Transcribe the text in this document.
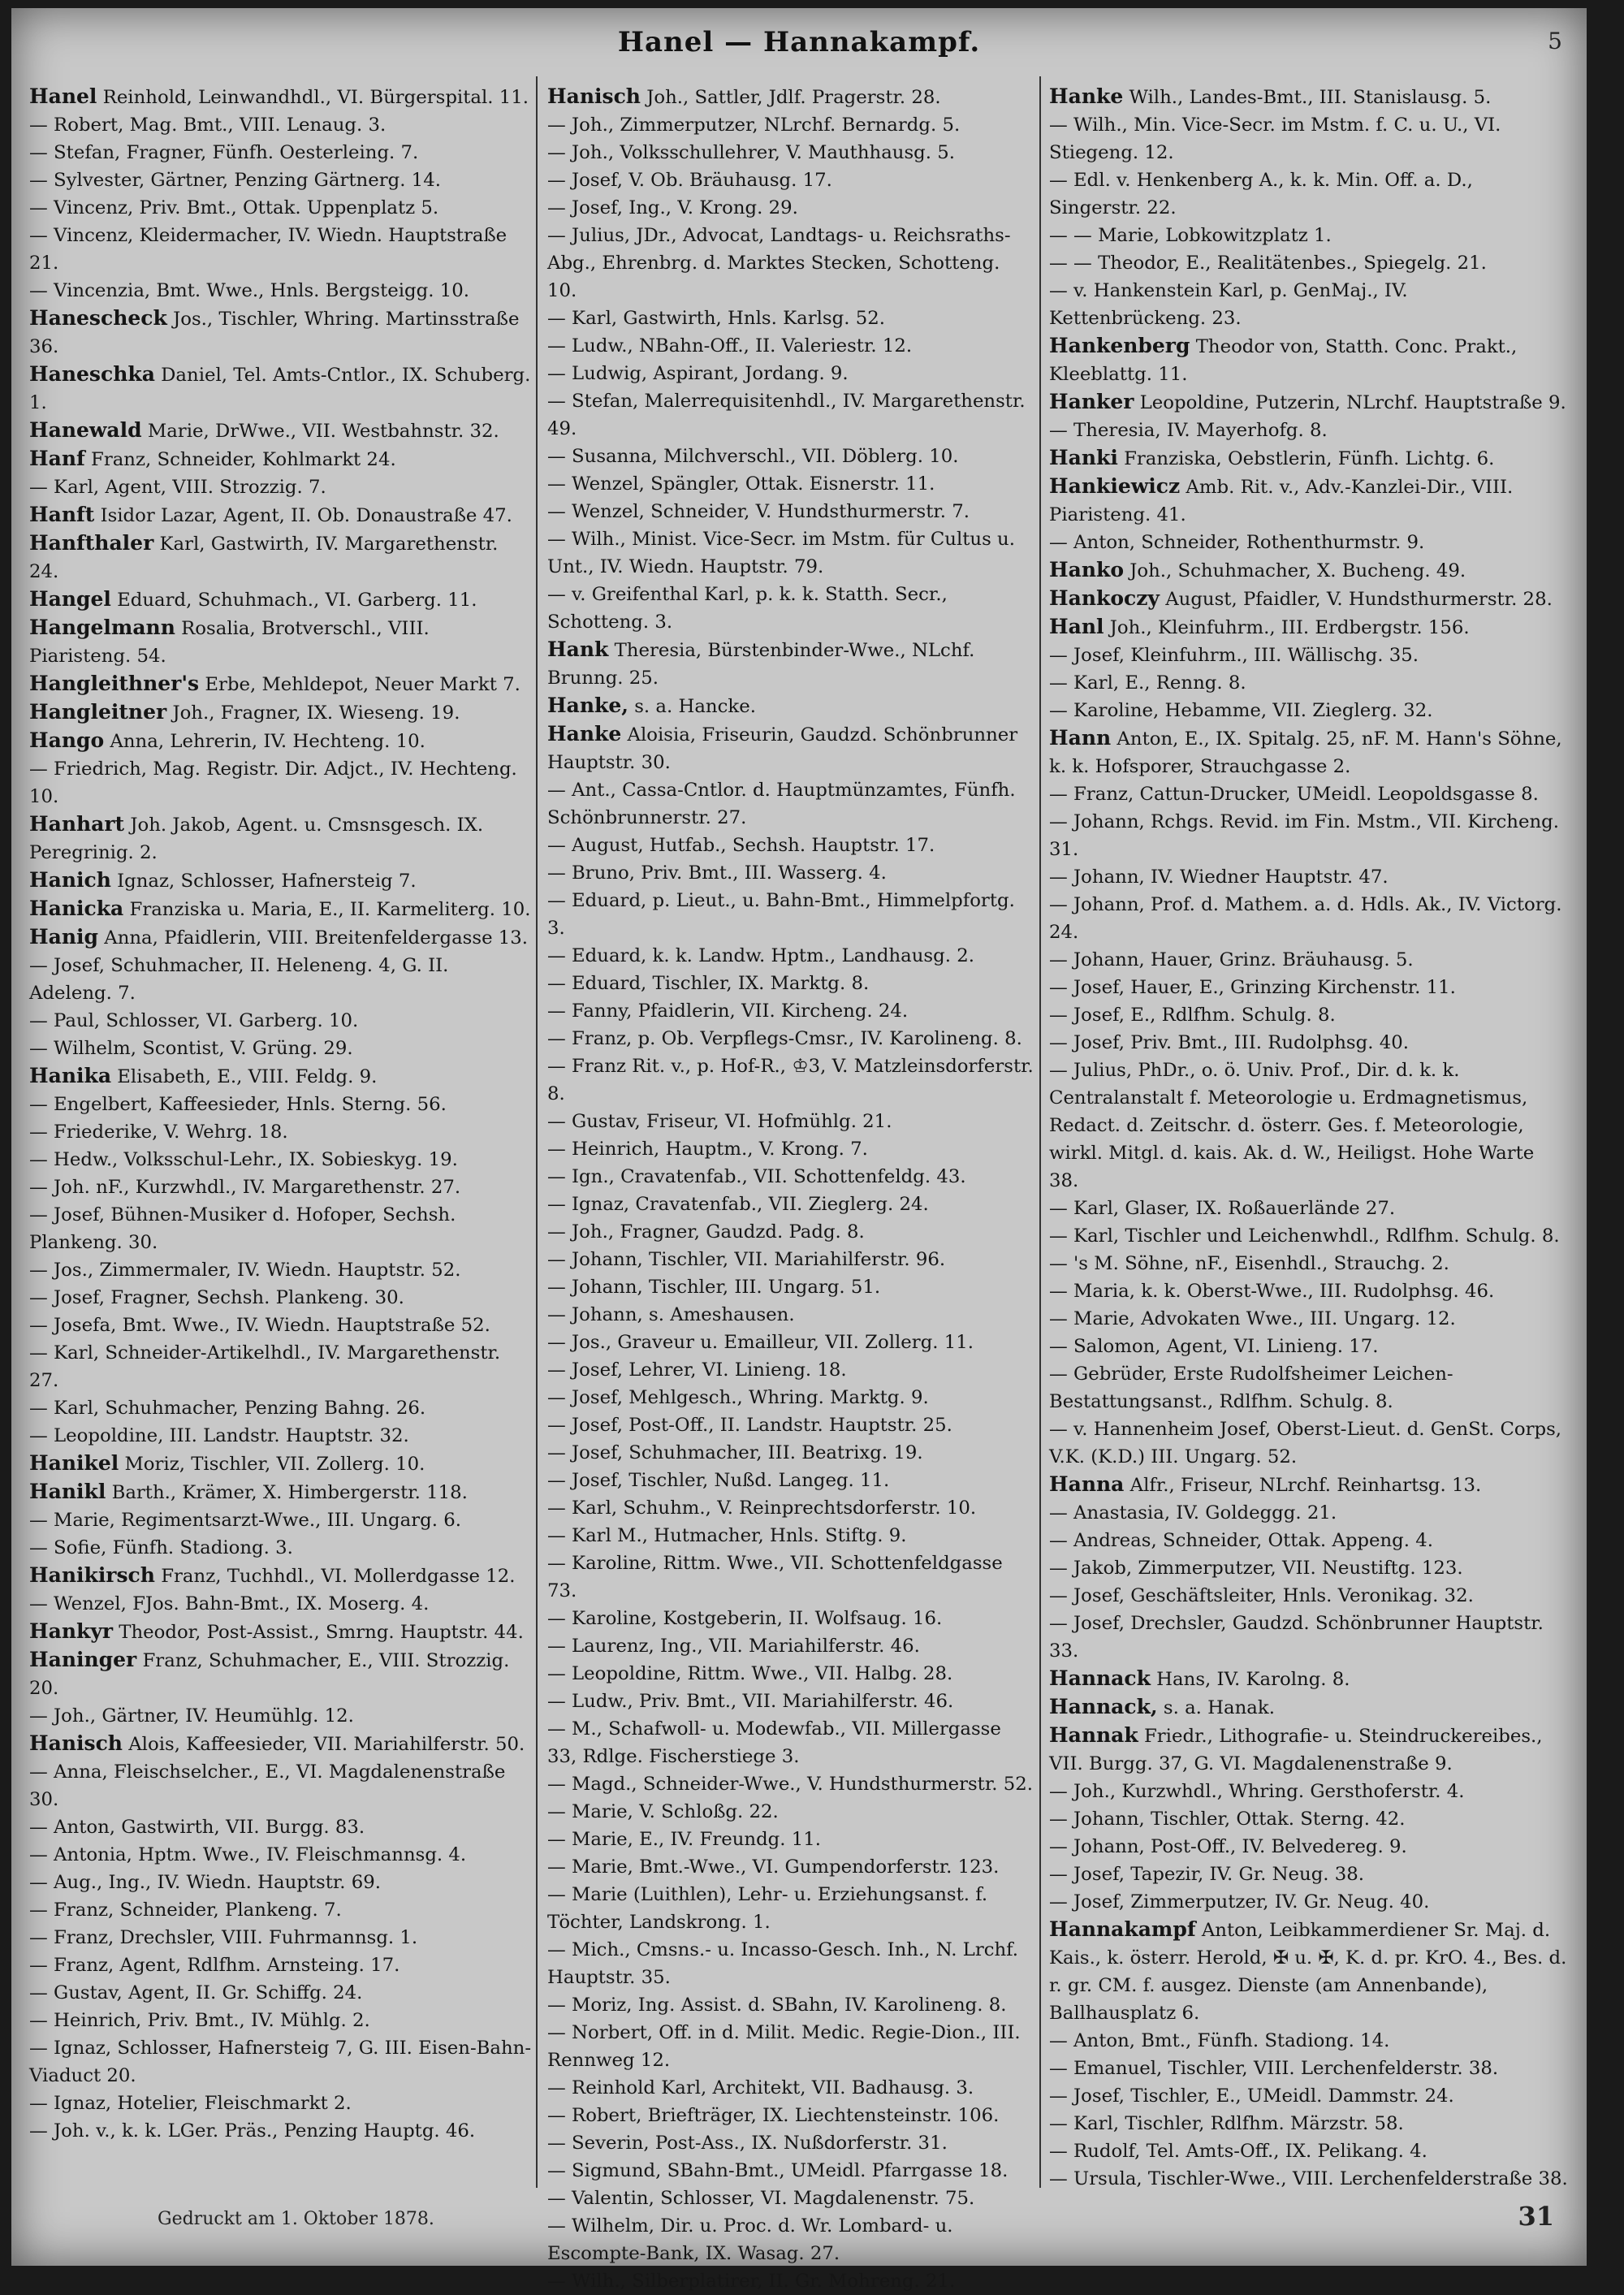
Hanel — Hannakampf.	5

Hanel Reinhold, Leinwandhdl., VI. Bürgerspital. 11.

— Robert, Mag. Bmt., VIII. Lenaug. 3.

— Stefan, Fragner, Fünfh. Oesterleing. 7.

— Sylvester, Gärtner, Penzing Gärtnerg. 14.

— Vincenz, Priv. Bmt., Ottak. Uppenplatz 5.

— Vincenz, Kleidermacher, IV. Wiedn. Hauptstraße 21.

— Vincenzia, Bmt. Wwe., Hnls. Bergsteigg. 10.

Hanescheck Jos., Tischler, Whring. Martinsstraße 36.

Haneschka Daniel, Tel. Amts-Cntlor., IX. Schuberg. 1.

Hanewald Marie, DrWwe., VII. Westbahnstr. 32.

Hanf Franz, Schneider, Kohlmarkt 24.

— Karl, Agent, VIII. Strozzig. 7.

Hanft Isidor Lazar, Agent, II. Ob. Donaustraße 47.

Hanfthaler Karl, Gastwirth, IV. Margarethenstr. 24.

Hangel Eduard, Schuhmach., VI. Garberg. 11.

Hangelmann Rosalia, Brotverschl., VIII. Piaristeng. 54.

Hangleithner's Erbe, Mehldepot, Neuer Markt 7.

Hangleitner Joh., Fragner, IX. Wieseng. 19.

Hango Anna, Lehrerin, IV. Hechteng. 10.

— Friedrich, Mag. Registr. Dir. Adjct., IV. Hechteng. 10.

Hanhart Joh. Jakob, Agent. u. Cmsnsgesch. IX. Peregrinig. 2.

Hanich Ignaz, Schlosser, Hafnersteig 7.

Hanicka Franziska u. Maria, E., II. Karmeliterg. 10.

Hanig Anna, Pfaidlerin, VIII. Breitenfeldergasse 13.

— Josef, Schuhmacher, II. Heleneng. 4, G. II. Adeleng. 7.

— Paul, Schlosser, VI. Garberg. 10.

— Wilhelm, Scontist, V. Grüng. 29.

Hanika Elisabeth, E., VIII. Feldg. 9.

— Engelbert, Kaffeesieder, Hnls. Sterng. 56.

— Friederike, V. Wehrg. 18.

— Hedw., Volksschul-Lehr., IX. Sobieskyg. 19.

— Joh. nF., Kurzwhdl., IV. Margarethenstr. 27.

— Josef, Bühnen-Musiker d. Hofoper, Sechsh. Plankeng. 30.

— Jos., Zimmermaler, IV. Wiedn. Hauptstr. 52.

— Josef, Fragner, Sechsh. Plankeng. 30.

— Josefa, Bmt. Wwe., IV. Wiedn. Hauptstraße 52.

— Karl, Schneider-Artikelhdl., IV. Margarethenstr. 27.

— Karl, Schuhmacher, Penzing Bahng. 26.

— Leopoldine, III. Landstr. Hauptstr. 32.

Hanikel Moriz, Tischler, VII. Zollerg. 10.

Hanikl Barth., Krämer, X. Himbergerstr. 118.

— Marie, Regimentsarzt-Wwe., III. Ungarg. 6.

— Sofie, Fünfh. Stadiong. 3.

Hanikirsch Franz, Tuchhdl., VI. Mollerdgasse 12.

— Wenzel, FJos. Bahn-Bmt., IX. Moserg. 4.

Hankyr Theodor, Post-Assist., Smrng. Hauptstr. 44.

Haninger Franz, Schuhmacher, E., VIII. Strozzig. 20.

— Joh., Gärtner, IV. Heumühlg. 12.

Hanisch Alois, Kaffeesieder, VII. Mariahilferstr. 50.

— Anna, Fleischselcher., E., VI. Magdalenenstraße 30.

— Anton, Gastwirth, VII. Burgg. 83.

— Antonia, Hptm. Wwe., IV. Fleischmannsg. 4.

— Aug., Ing., IV. Wiedn. Hauptstr. 69.

— Franz, Schneider, Plankeng. 7.

— Franz, Drechsler, VIII. Fuhrmannsg. 1.

— Franz, Agent, Rdlfhm. Arnsteing. 17.

— Gustav, Agent, II. Gr. Schiffg. 24.

— Heinrich, Priv. Bmt., IV. Mühlg. 2.

— Ignaz, Schlosser, Hafnersteig 7, G. III. Eisen-Bahn-Viaduct 20.

— Ignaz, Hotelier, Fleischmarkt 2.

— Joh. v., k. k. LGer. Präs., Penzing Hauptg. 46.

Hanisch Joh., Sattler, Jdlf. Pragerstr. 28.

— Joh., Zimmerputzer, NLrchf. Bernardg. 5.

— Joh., Volksschullehrer, V. Mauthhausg. 5.

— Josef, V. Ob. Bräuhausg. 17.

— Josef, Ing., V. Krong. 29.

— Julius, JDr., Advocat, Landtags- u. Reichsraths-Abg., Ehrenbrg. d. Marktes Stecken, Schotteng. 10.

— Karl, Gastwirth, Hnls. Karlsg. 52.

— Ludw., NBahn-Off., II. Valeriestr. 12.

— Ludwig, Aspirant, Jordang. 9.

— Stefan, Malerrequisitenhdl., IV. Margarethenstr. 49.

— Susanna, Milchverschl., VII. Döblerg. 10.

— Wenzel, Spängler, Ottak. Eisnerstr. 11.

— Wenzel, Schneider, V. Hundsthurmerstr. 7.

— Wilh., Minist. Vice-Secr. im Mstm. für Cultus u. Unt., IV. Wiedn. Hauptstr. 79.

— v. Greifenthal Karl, p. k. k. Statth. Secr., Schotteng. 3.

Hank Theresia, Bürstenbinder-Wwe., NLchf. Brunng. 25.

Hanke, s. a. Hancke.

Hanke Aloisia, Friseurin, Gaudzd. Schönbrunner Hauptstr. 30.

— Ant., Cassa-Cntlor. d. Hauptmünzamtes, Fünfh. Schönbrunnerstr. 27.

— August, Hutfab., Sechsh. Hauptstr. 17.

— Bruno, Priv. Bmt., III. Wasserg. 4.

— Eduard, p. Lieut., u. Bahn-Bmt., Himmelpfortg. 3.

— Eduard, k. k. Landw. Hptm., Landhausg. 2.

— Eduard, Tischler, IX. Marktg. 8.

— Fanny, Pfaidlerin, VII. Kircheng. 24.

— Franz, p. Ob. Verpflegs-Cmsr., IV. Karolineng. 8.

— Franz Rit. v., p. Hof-R., ♔3, V. Matzleinsdorferstr. 8.

— Gustav, Friseur, VI. Hofmühlg. 21.

— Heinrich, Hauptm., V. Krong. 7.

— Ign., Cravatenfab., VII. Schottenfeldg. 43.

— Ignaz, Cravatenfab., VII. Zieglerg. 24.

— Joh., Fragner, Gaudzd. Padg. 8.

— Johann, Tischler, VII. Mariahilferstr. 96.

— Johann, Tischler, III. Ungarg. 51.

— Johann, s. Ameshausen.

— Jos., Graveur u. Emailleur, VII. Zollerg. 11.

— Josef, Lehrer, VI. Linieng. 18.

— Josef, Mehlgesch., Whring. Marktg. 9.

— Josef, Post-Off., II. Landstr. Hauptstr. 25.

— Josef, Schuhmacher, III. Beatrixg. 19.

— Josef, Tischler, Nußd. Langeg. 11.

— Karl, Schuhm., V. Reinprechtsdorferstr. 10.

— Karl M., Hutmacher, Hnls. Stiftg. 9.

— Karoline, Rittm. Wwe., VII. Schottenfeldgasse 73.

— Karoline, Kostgeberin, II. Wolfsaug. 16.

— Laurenz, Ing., VII. Mariahilferstr. 46.

— Leopoldine, Rittm. Wwe., VII. Halbg. 28.

— Ludw., Priv. Bmt., VII. Mariahilferstr. 46.

— M., Schafwoll- u. Modewfab., VII. Millergasse 33, Rdlge. Fischerstiege 3.

— Magd., Schneider-Wwe., V. Hundsthurmerstr. 52.

— Marie, V. Schloßg. 22.

— Marie, E., IV. Freundg. 11.

— Marie, Bmt.-Wwe., VI. Gumpendorferstr. 123.

— Marie (Luithlen), Lehr- u. Erziehungsanst. f. Töchter, Landskrong. 1.

— Mich., Cmsns.- u. Incasso-Gesch. Inh., N. Lrchf. Hauptstr. 35.

— Moriz, Ing. Assist. d. SBahn, IV. Karolineng. 8.

— Norbert, Off. in d. Milit. Medic. Regie-Dion., III. Rennweg 12.

— Reinhold Karl, Architekt, VII. Badhausg. 3.

— Robert, Briefträger, IX. Liechtensteinstr. 106.

— Severin, Post-Ass., IX. Nußdorferstr. 31.

— Sigmund, SBahn-Bmt., UMeidl. Pfarrgasse 18.

— Valentin, Schlosser, VI. Magdalenenstr. 75.

— Wilhelm, Dir. u. Proc. d. Wr. Lombard- u. Escompte-Bank, IX. Wasag. 27.

— Wilh., Silberplatirer, II. Gr. Mohreng. 21.

Hanke Wilh., Landes-Bmt., III. Stanislausg. 5.

— Wilh., Min. Vice-Secr. im Mstm. f. C. u. U., VI. Stiegeng. 12.

— Edl. v. Henkenberg A., k. k. Min. Off. a. D., Singerstr. 22.

— — Marie, Lobkowitzplatz 1.

— — Theodor, E., Realitätenbes., Spiegelg. 21.

— v. Hankenstein Karl, p. GenMaj., IV. Kettenbrückeng. 23.

Hankenberg Theodor von, Statth. Conc. Prakt., Kleeblattg. 11.

Hanker Leopoldine, Putzerin, NLrchf. Hauptstraße 9.

— Theresia, IV. Mayerhofg. 8.

Hanki Franziska, Oebstlerin, Fünfh. Lichtg. 6.

Hankiewicz Amb. Rit. v., Adv.-Kanzlei-Dir., VIII. Piaristeng. 41.

— Anton, Schneider, Rothenthurmstr. 9.

Hanko Joh., Schuhmacher, X. Bucheng. 49.

Hankoczy August, Pfaidler, V. Hundsthurmerstr. 28.

Hanl Joh., Kleinfuhrm., III. Erdbergstr. 156.

— Josef, Kleinfuhrm., III. Wällischg. 35.

— Karl, E., Renng. 8.

— Karoline, Hebamme, VII. Zieglerg. 32.

Hann Anton, E., IX. Spitalg. 25, nF. M. Hann's Söhne, k. k. Hofsporer, Strauchgasse 2.

— Franz, Cattun-Drucker, UMeidl. Leopoldsgasse 8.

— Johann, Rchgs. Revid. im Fin. Mstm., VII. Kircheng. 31.

— Johann, IV. Wiedner Hauptstr. 47.

— Johann, Prof. d. Mathem. a. d. Hdls. Ak., IV. Victorg. 24.

— Johann, Hauer, Grinz. Bräuhausg. 5.

— Josef, Hauer, E., Grinzing Kirchenstr. 11.

— Josef, E., Rdlfhm. Schulg. 8.

— Josef, Priv. Bmt., III. Rudolphsg. 40.

— Julius, PhDr., o. ö. Univ. Prof., Dir. d. k. k. Centralanstalt f. Meteorologie u. Erdmagnetismus, Redact. d. Zeitschr. d. österr. Ges. f. Meteorologie, wirkl. Mitgl. d. kais. Ak. d. W., Heiligst. Hohe Warte 38.

— Karl, Glaser, IX. Roßauerlände 27.

— Karl, Tischler und Leichenwhdl., Rdlfhm. Schulg. 8.

— 's M. Söhne, nF., Eisenhdl., Strauchg. 2.

— Maria, k. k. Oberst-Wwe., III. Rudolphsg. 46.

— Marie, Advokaten Wwe., III. Ungarg. 12.

— Salomon, Agent, VI. Linieng. 17.

— Gebrüder, Erste Rudolfsheimer Leichen-Bestattungsanst., Rdlfhm. Schulg. 8.

— v. Hannenheim Josef, Oberst-Lieut. d. GenSt. Corps, V.K. (K.D.) III. Ungarg. 52.

Hanna Alfr., Friseur, NLrchf. Reinhartsg. 13.

— Anastasia, IV. Goldeggg. 21.

— Andreas, Schneider, Ottak. Appeng. 4.

— Jakob, Zimmerputzer, VII. Neustiftg. 123.

— Josef, Geschäftsleiter, Hnls. Veronikag. 32.

— Josef, Drechsler, Gaudzd. Schönbrunner Hauptstr. 33.

Hannack Hans, IV. Karolng. 8.

Hannack, s. a. Hanak.

Hannak Friedr., Lithografie- u. Steindruckereibes., VII. Burgg. 37, G. VI. Magdalenenstraße 9.

— Joh., Kurzwhdl., Whring. Gersthoferstr. 4.

— Johann, Tischler, Ottak. Sterng. 42.

— Johann, Post-Off., IV. Belvedereg. 9.

— Josef, Tapezir, IV. Gr. Neug. 38.

— Josef, Zimmerputzer, IV. Gr. Neug. 40.

Hannakampf Anton, Leibkammerdiener Sr. Maj. d. Kais., k. österr. Herold, ✠ u. ✠, K. d. pr. KrO. 4., Bes. d. r. gr. CM. f. ausgez. Dienste (am Annenbande), Ballhausplatz 6.

— Anton, Bmt., Fünfh. Stadiong. 14.

— Emanuel, Tischler, VIII. Lerchenfelderstr. 38.

— Josef, Tischler, E., UMeidl. Dammstr. 24.

— Karl, Tischler, Rdlfhm. Märzstr. 58.

— Rudolf, Tel. Amts-Off., IX. Pelikang. 4.

— Ursula, Tischler-Wwe., VIII. Lerchenfelderstraße 38.

Gedruckt am 1. Oktober 1878.	31
